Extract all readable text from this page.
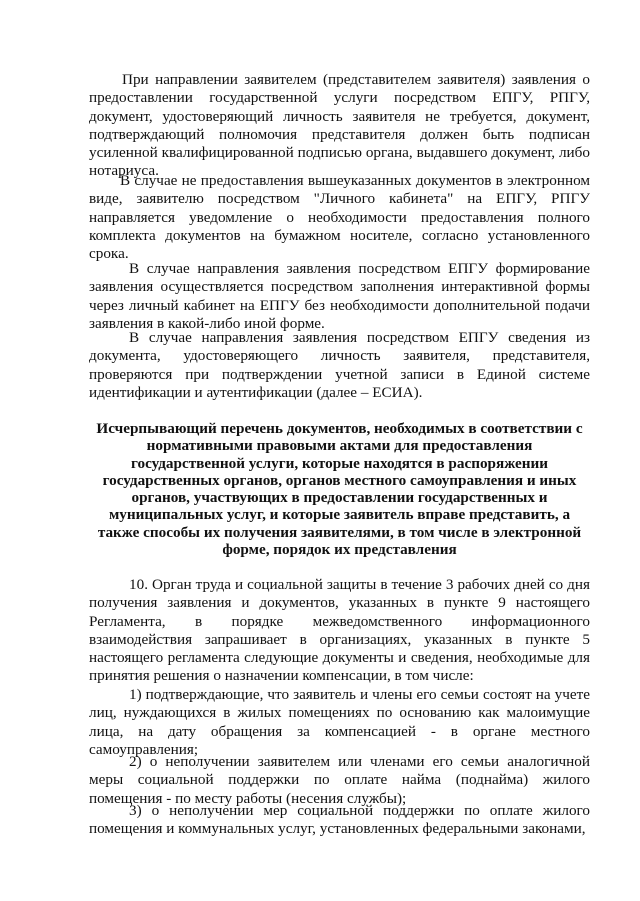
При направлении заявителем (представителем заявителя) заявления о предоставлении государственной услуги посредством ЕПГУ, РПГУ, документ, удостоверяющий личность заявителя не требуется, документ, подтверждающий полномочия представителя должен быть подписан усиленной квалифицированной подписью органа, выдавшего документ, либо нотариуса.

В случае не предоставления вышеуказанных документов в электронном виде, заявителю посредством "Личного кабинета" на ЕПГУ, РПГУ направляется уведомление о необходимости предоставления полного комплекта документов на бумажном носителе, согласно установленного срока.

В случае направления заявления посредством ЕПГУ формирование заявления осуществляется посредством заполнения интерактивной формы через личный кабинет на ЕПГУ без необходимости дополнительной подачи заявления в какой-либо иной форме.

В случае направления заявления посредством ЕПГУ сведения из документа, удостоверяющего личность заявителя, представителя, проверяются при подтверждении учетной записи в Единой системе идентификации и аутентификации (далее – ЕСИА).

Исчерпывающий перечень документов, необходимых в соответствии с нормативными правовыми актами для предоставления государственной услуги, которые находятся в распоряжении государственных органов, органов местного самоуправления и иных органов, участвующих в предоставлении государственных и муниципальных услуг, и которые заявитель вправе представить, а также способы их получения заявителями, в том числе в электронной форме, порядок их представления

10. Орган труда и социальной защиты в течение 3 рабочих дней со дня получения заявления и документов, указанных в пункте 9 настоящего Регламента, в порядке межведомственного информационного взаимодействия запрашивает в организациях, указанных в пункте 5 настоящего регламента следующие документы и сведения, необходимые для принятия решения о назначении компенсации, в том числе:

1) подтверждающие, что заявитель и члены его семьи состоят на учете лиц, нуждающихся в жилых помещениях по основанию как малоимущие лица, на дату обращения за компенсацией - в органе местного самоуправления;

2) о неполучении заявителем или членами его семьи аналогичной меры социальной поддержки по оплате найма (поднайма) жилого помещения - по месту работы (несения службы);

3) о неполучении мер социальной поддержки по оплате жилого помещения и коммунальных услуг, установленных федеральными законами,
